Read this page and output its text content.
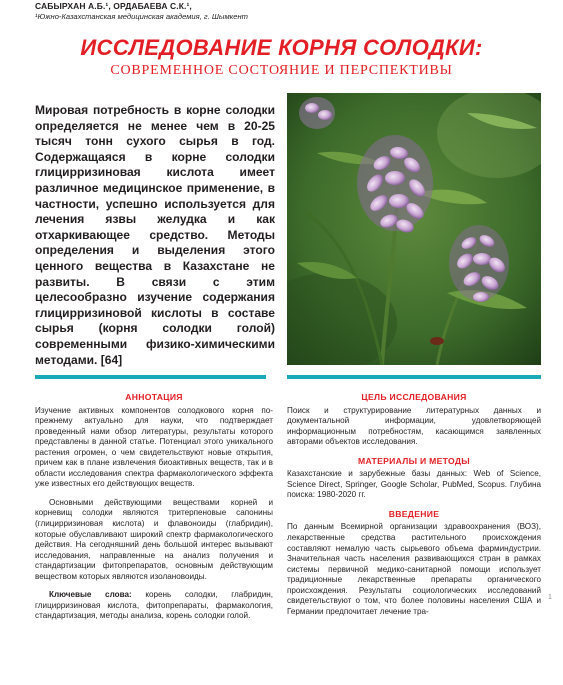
САБЫРХАН А.Б.¹, ОРДАБАЕВА С.К.¹,
¹Южно-Казахстанская медицинская академия, г. Шымкент
ИССЛЕДОВАНИЕ КОРНЯ СОЛОДКИ:
СОВРЕМЕННОЕ СОСТОЯНИЕ И ПЕРСПЕКТИВЫ
Мировая потребность в корне солодки определяется не менее чем в 20-25 тысяч тонн сухого сырья в год. Содержащаяся в корне солодки глицирризиновая кислота имеет различное медицинское применение, в частности, успешно используется для лечения язвы желудка и как отхаркивающее средство. Методы определения и выделения этого ценного вещества в Казахстане не развиты. В связи с этим целесообразно изучение содержания глицирризиновой кислоты в составе сырья (корня солодки голой) современными физико-химическими методами. [64]
АННОТАЦИЯ

Изучение активных компонентов солодкового корня по-прежнему актуально для науки, что подтверждает проведенный нами обзор литературы, результаты которого представлены в данной статье. Потенциал этого уникального растения огромен, о чем свидетельствуют новые открытия, причем как в плане извлечения биоактивных веществ, так и в области исследования спектра фармакологического эффекта уже известных его действующих веществ.

Основными действующими веществами корней и корневищ солодки являются тритерпеновые сапонины (глицирризиновая кислота) и флавоноиды (глабридин), которые обуславливают широкий спектр фармакологического действия. На сегодняшний день большой интерес вызывают исследования, направленные на анализ получения и стандартизации фитопрепаратов, основным действующим веществом которых являются изолановоиды.

Ключевые слова: корень солодки, глабридин, глицирризиновая кислота, фитопрепараты, фармакология, стандартизация, методы анализа, корень солодки голой.

ЦЕЛЬ ИССЛЕДОВАНИЯ

Поиск и структурирование литературных данных и документальной информации, удовлетворяющей информационным потребностям, касающимся заявленных авторами объектов исследования.

МАТЕРИАЛЫ И МЕТОДЫ

Казахстанские и зарубежные базы данных: Web of Science, Science Direct, Springer, Google Scholar, PubMed, Scopus. Глубина поиска: 1980-2020 гг.

ВВЕДЕНИЕ

По данным Всемирной организации здравоохранения (ВОЗ), лекарственные средства растительного происхождения составляют немалую часть сырьевого объема фарминдустрии. Значительная часть населения развивающихся стран в рамках системы первичной медико-санитарной помощи использует традиционные лекарственные препараты органического происхождения. Результаты социологических исследований свидетельствуют о том, что более половины населения США и Германии предпочитает лечение тра-

1
